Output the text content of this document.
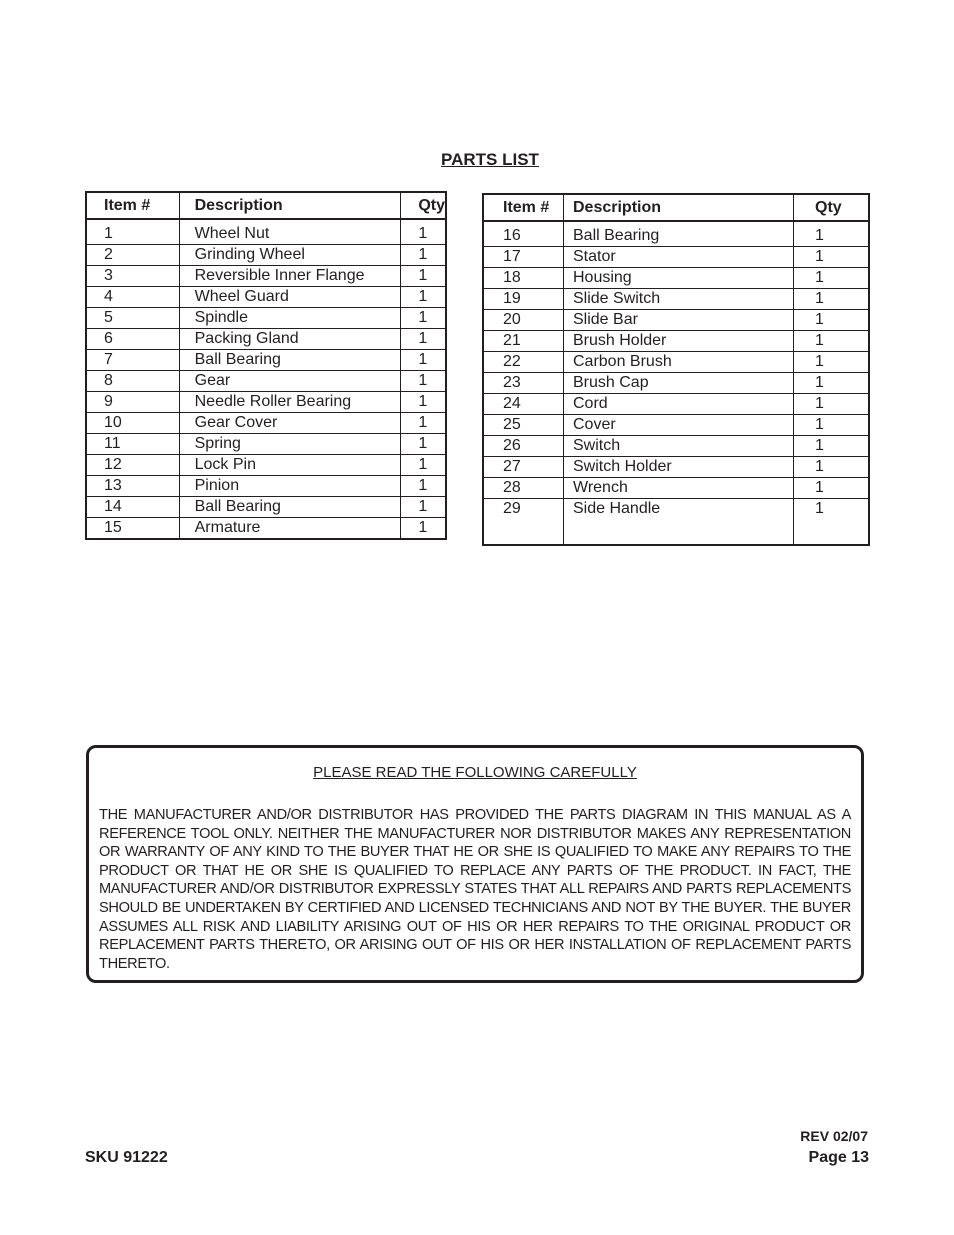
PARTS LIST
Item #	Description	Qty
1	Wheel Nut	1
2	Grinding Wheel	1
3	Reversible Inner Flange	1
4	Wheel Guard	1
5	Spindle	1
6	Packing Gland	1
7	Ball Bearing	1
8	Gear	1
9	Needle Roller Bearing	1
10	Gear Cover	1
11	Spring	1
12	Lock Pin	1
13	Pinion	1
14	Ball Bearing	1
15	Armature	1
Item #	Description	Qty
16	Ball Bearing	1
17	Stator	1
18	Housing	1
19	Slide Switch	1
20	Slide Bar	1
21	Brush Holder	1
22	Carbon Brush	1
23	Brush Cap	1
24	Cord	1
25	Cover	1
26	Switch	1
27	Switch Holder	1
28	Wrench	1
29	Side Handle	1
PLEASE READ THE FOLLOWING CAREFULLY
THE MANUFACTURER AND/OR DISTRIBUTOR HAS PROVIDED THE PARTS DIAGRAM IN THIS MANUAL AS A REFERENCE TOOL ONLY. NEITHER THE MANUFACTURER NOR DISTRIBUTOR MAKES ANY REPRESENTATION OR WARRANTY OF ANY KIND TO THE BUYER THAT HE OR SHE IS QUALIFIED TO MAKE ANY REPAIRS TO THE PRODUCT OR THAT HE OR SHE IS QUALIFIED TO REPLACE ANY PARTS OF THE PRODUCT. IN FACT, THE MANUFACTURER AND/OR DISTRIBUTOR EXPRESSLY STATES THAT ALL REPAIRS AND PARTS REPLACEMENTS SHOULD BE UNDERTAKEN BY CERTIFIED AND LICENSED TECHNICIANS AND NOT BY THE BUYER. THE BUYER ASSUMES ALL RISK AND LIABILITY ARISING OUT OF HIS OR HER REPAIRS TO THE ORIGINAL PRODUCT OR REPLACEMENT PARTS THERETO, OR ARISING OUT OF HIS OR HER INSTALLATION OF REPLACEMENT PARTS THERETO.
REV 02/07
Page 13
SKU 91222
